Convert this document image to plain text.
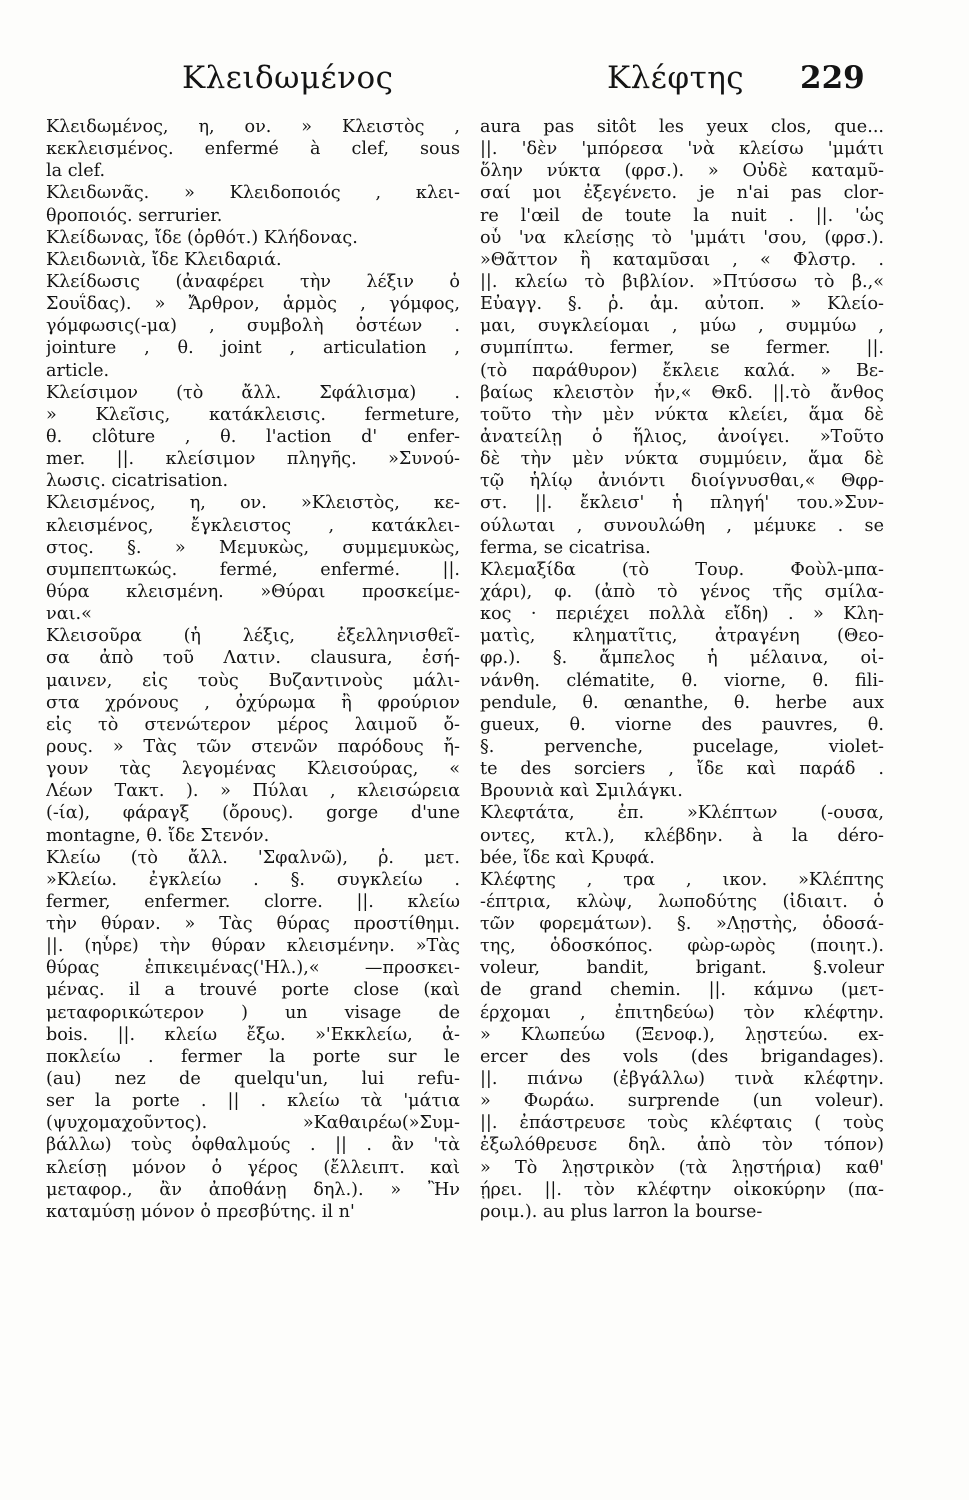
Κλειδωμένος	Κλέφτης 229
Κλειδωμένος, η, ον. » Κλειστὸς ,
κεκλεισμένος. enfermé à clef, sous
la clef.
Κλειδωνᾶς. » Κλειδοποιός , κλει-
θροποιός. serrurier.
Κλείδωνας, ἴδε (ὀρθότ.) Κλήδονας.
Κλειδωνιὰ, ἴδε Κλειδαριά.
Κλείδωσις (ἀναφέρει τὴν λέξιν ὁ
Σουΐδας). » Ἄρθρον, ἁρμὸς , γόμφος,
γόμφωσις(-μα) , συμβολὴ ὀστέων .
jointure , θ. joint , articulation ,
article.
Κλείσιμον (τὸ ἄλλ. Σφάλισμα) .
» Κλεῖσις, κατάκλεισις. fermeture,
θ. clôture , θ. l'action d' enfer-
mer. ||. κλείσιμον πληγῆς. »Συνού-
λωσις. cicatrisation.
Κλεισμένος, η, ον. »Κλειστὸς, κε-
κλεισμένος, ἔγκλειστος , κατάκλει-
στος. §. » Μεμυκὼς, συμμεμυκὼς,
συμπεπτωκώς. fermé, enfermé. ||.
θύρα κλεισμένη. »Θύραι προσκείμε-
ναι.«
Κλεισοῦρα (ἡ λέξις, ἐξελληνισθεῖ-
σα ἀπὸ τοῦ Λατιν. clausura, ἐσή-
μαινεν, εἰς τοὺς Βυζαντινοὺς μάλι-
στα χρόνους , ὀχύρωμα ἢ φρούριον
εἰς τὸ στενώτερον μέρος λαιμοῦ ὄ-
ρους. » Τὰς τῶν στενῶν παρόδους ἤ-
γουν τὰς λεγομένας Κλεισούρας, «
Λέων Τακτ. ). » Πύλαι , κλεισώρεια
(-ία), φάραγξ (ὄρους). gorge d'une
montagne, θ. ἴδε Στενόν.
Κλείω (τὸ ἄλλ. 'Σφαλνῶ), ῥ. μετ.
»Κλείω. ἐγκλείω . §. συγκλείω .
fermer, enfermer. clorre. ||. κλείω
τὴν θύραν. » Τὰς θύρας προστίθημι.
||. (ηὗρε) τὴν θύραν κλεισμένην. »Τὰς
θύρας ἐπικειμένας('Ηλ.),« —προσκει-
μένας. il a trouvé porte close (καὶ
μεταφορικώτερον ) un visage de
bois. ||. κλείω ἔξω. »'Εκκλείω, ἀ-
ποκλείω . fermer la porte sur le
(au) nez de quelqu'un, lui refu-
ser la porte . || . κλείω τὰ 'μάτια
(ψυχομαχοῦντος). »Καθαιρέω(»Συμ-
βάλλω) τοὺς ὀφθαλμούς . || . ἂν 'τὰ
κλείσῃ μόνον ὁ γέρος (ἔλλειπτ. καὶ
μεταφορ., ἂν ἀποθάνῃ δηλ.). » Ἢν
καταμύσῃ μόνον ὁ πρεσβύτης. il n'
aura pas sitôt les yeux clos, que...
||. 'δὲν 'μπόρεσα 'νὰ κλείσω 'μμάτι
ὅλην νύκτα (φρσ.). » Οὐδὲ καταμῦ-
σαί μοι ἐξεγένετο. je n'ai pas clor-
re l'œil de toute la nuit . ||. 'ὡς
οὗ 'να κλείσῃς τὸ 'μμάτι 'σου, (φρσ.).
»Θᾶττον ἢ καταμῦσαι , « Φλστρ. .
||. κλείω τὸ βιβλίον. »Πτύσσω τὸ β.,«
Εὐαγγ. §. ῥ. ἀμ. αὐτοπ. » Κλείο-
μαι, συγκλείομαι , μύω , συμμύω ,
συμπίπτω. fermer, se fermer. ||.
(τὸ παράθυρον) ἔκλειε καλά. » Βε-
βαίως κλειστὸν ἦν,« Θκδ. ||.τὸ ἄνθος
τοῦτο τὴν μὲν νύκτα κλείει, ἅμα δὲ
ἀνατείλῃ ὁ ἥλιος, ἀνοίγει. »Τοῦτο
δὲ τὴν μὲν νύκτα συμμύειν, ἅμα δὲ
τῷ ἡλίῳ ἀνιόντι διοίγνυσθαι,« Θφρ-
στ. ||. ἔκλεισ' ἡ πληγή' του.»Συν-
ούλωται , συνουλώθη , μέμυκε . se
ferma, se cicatrisa.
Κλεμαξίδα (τὸ Τουρ. Φοὺλ-μπα-
χάρι), φ. (ἀπὸ τὸ γένος τῆς σμίλα-
κος · περιέχει πολλὰ εἴδη) . » Κλη-
ματὶς, κληματῖτις, ἀτραγένη (Θεο-
φρ.). §. ἄμπελος ἡ μέλαινα, οἰ-
νάνθη. clématite, θ. viorne, θ. fili-
pendule, θ. œnanthe, θ. herbe aux
gueux, θ. viorne des pauvres, θ.
§. pervenche, pucelage, violet-
te des sorciers , ἴδε καὶ παράδ .
Βρουνιὰ καὶ Σμιλάγκι.
Κλεφτάτα, ἐπ. »Κλέπτων (-ουσα,
οντες, κτλ.), κλέβδην. à la déro-
bée, ἴδε καὶ Κρυφά.
Κλέφτης , τρα , ικον. »Κλέπτης
-έπτρια, κλὼψ, λωποδύτης (ἰδιαιτ. ὁ
τῶν φορεμάτων). §. »Λῃστὴς, ὁδοσά-
της, ὁδοσκόπος. φὼρ-ωρὸς (ποιητ.).
voleur, bandit, brigant. §.voleur
de grand chemin. ||. κάμνω (μετ-
έρχομαι , ἐπιτηδεύω) τὸν κλέφτην.
» Κλωπεύω (Ξενοφ.), λῃστεύω. ex-
ercer des vols (des brigandages).
||. πιάνω (ἐβγάλλω) τινὰ κλέφτην.
» Φωράω. surprende (un voleur).
||. ἐπάστρευσε τοὺς κλέφταις ( τοὺς
ἐξωλόθρευσε δηλ. ἀπὸ τὸν τόπον)
» Τὸ λῃστρικὸν (τὰ λῃστήρια) καθ'
ῄρει. ||. τὸν κλέφτην οἰκοκύρην (πα-
ροιμ.). au plus larron la bourse-
